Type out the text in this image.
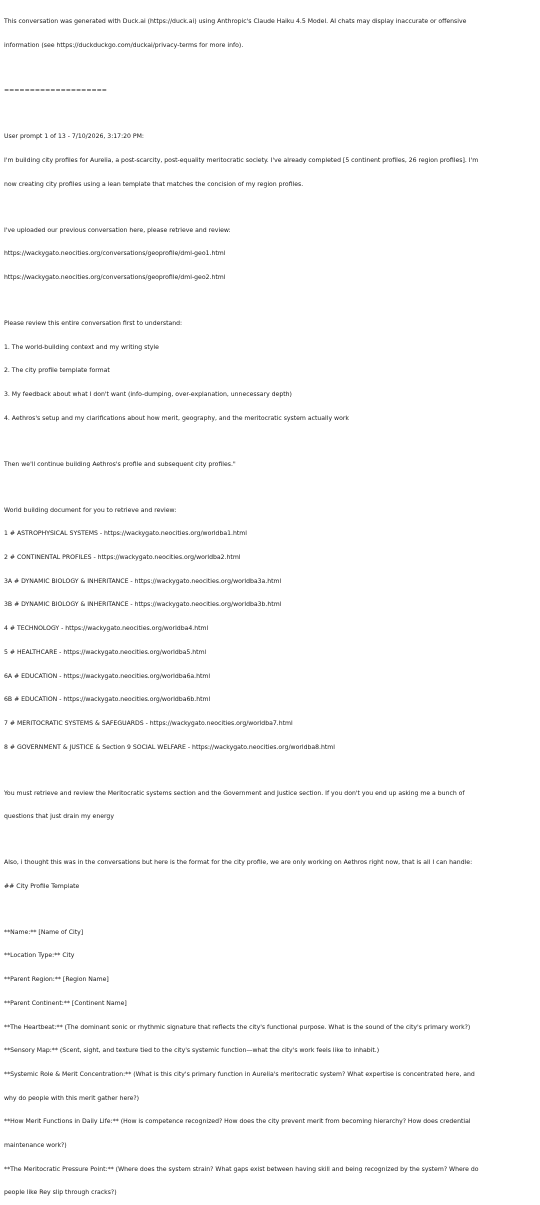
This conversation was generated with Duck.ai (https://duck.ai) using Anthropic's Claude Haiku 4.5 Model. AI chats may display inaccurate or offensive

information (see https://duckduckgo.com/duckai/privacy-terms for more info).

====================

User prompt 1 of 13 - 7/10/2026, 3:17:20 PM:

I'm building city profiles for Aurelia, a post-scarcity, post-equality meritocratic society. I've already completed [5 continent profiles, 26 region profiles]. I'm

now creating city profiles using a lean template that matches the concision of my region profiles.

I've uploaded our previous conversation here, please retrieve and review:

https://wackygato.neocities.org/conversations/geoprofile/dml-geo1.html

https://wackygato.neocities.org/conversations/geoprofile/dml-geo2.html

Please review this entire conversation first to understand:

1. The world-building context and my writing style

2. The city profile template format

3. My feedback about what I don't want (info-dumping, over-explanation, unnecessary depth)

4. Aethros's setup and my clarifications about how merit, geography, and the meritocratic system actually work

Then we'll continue building Aethros's profile and subsequent city profiles."

World building document for you to retrieve and review:

1 # ASTROPHYSICAL SYSTEMS - https://wackygato.neocities.org/worldba1.html

2 # CONTINENTAL PROFILES - https://wackygato.neocities.org/worldba2.html

3A # DYNAMIC BIOLOGY & INHERITANCE - https://wackygato.neocities.org/worldba3a.html

3B # DYNAMIC BIOLOGY & INHERITANCE - https://wackygato.neocities.org/worldba3b.html

4 # TECHNOLOGY - https://wackygato.neocities.org/worldba4.html

5 # HEALTHCARE - https://wackygato.neocities.org/worldba5.html

6A # EDUCATION - https://wackygato.neocities.org/worldba6a.html

6B # EDUCATION - https://wackygato.neocities.org/worldba6b.html

7 # MERITOCRATIC SYSTEMS & SAFEGUARDS - https://wackygato.neocities.org/worldba7.html

8 # GOVERNMENT & JUSTICE & Section 9 SOCIAL WELFARE - https://wackygato.neocities.org/worldba8.html

You must retrieve and review the Meritocratic systems section and the Government and Justice section. If you don't you end up asking me a bunch of

questions that just drain my energy

Also, i thought this was in the conversations but here is the format for the city profile, we are only working on Aethros right now, that is all I can handle:

## City Profile Template

**Name:** [Name of City]

**Location Type:** City

**Parent Region:** [Region Name]

**Parent Continent:** [Continent Name]

**The Heartbeat:** (The dominant sonic or rhythmic signature that reflects the city's functional purpose. What is the sound of the city's primary work?)

**Sensory Map:** (Scent, sight, and texture tied to the city's systemic function—what the city's work feels like to inhabit.)

**Systemic Role & Merit Concentration:** (What is this city's primary function in Aurelia's meritocratic system? What expertise is concentrated here, and

why do people with this merit gather here?)

**How Merit Functions in Daily Life:** (How is competence recognized? How does the city prevent merit from becoming hierarchy? How does credential

maintenance work?)

**The Meritocratic Pressure Point:** (Where does the system strain? What gaps exist between having skill and being recognized by the system? Where do

people like Rey slip through cracks?)
